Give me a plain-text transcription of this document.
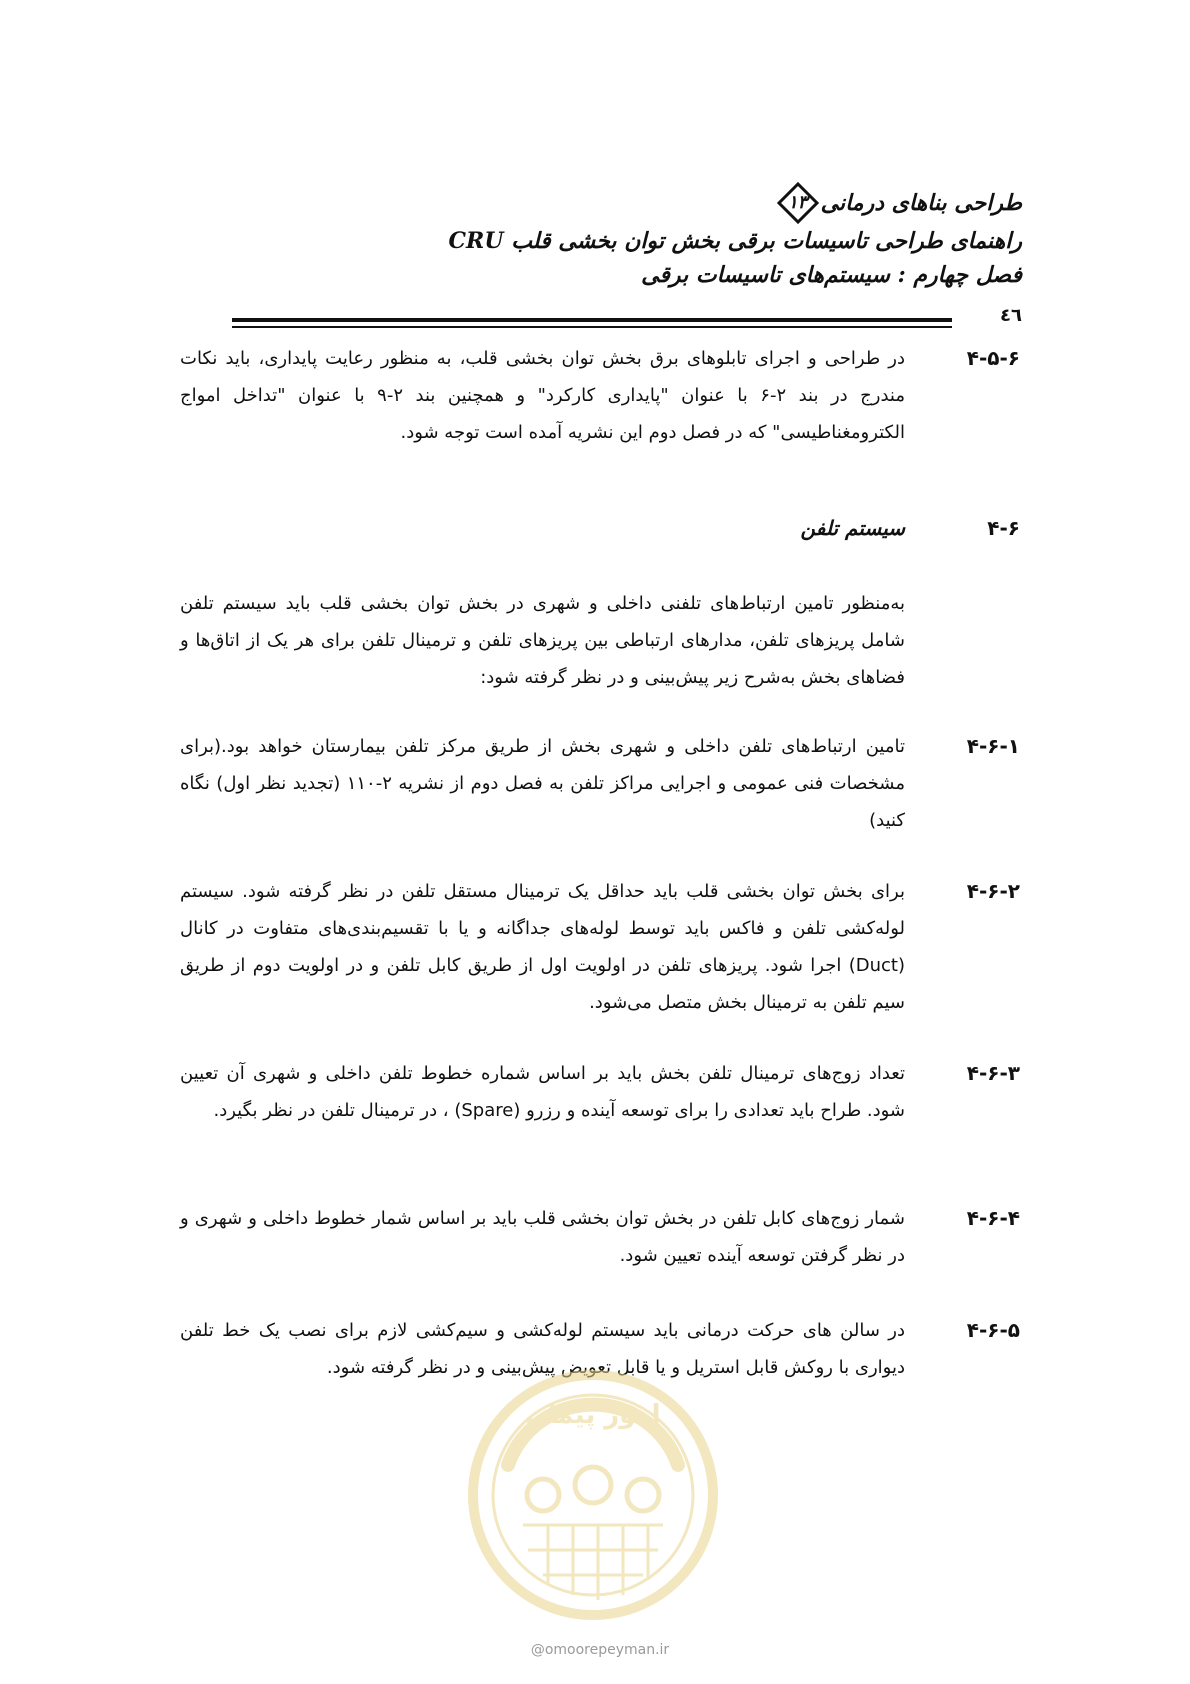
طراحی بناهای درمانی
۱۳
راهنمای طراحی تاسیسات برقی بخش توان بخشی قلب CRU
فصل چهارم : سیستم‌های تاسیسات برقی
٤٦
۴-۵-۶
در طراحی و اجرای تابلوهای برق بخش توان بخشی قلب، به منظور رعایت پایداری، باید نکات مندرج در بند ۲-۶ با عنوان "پایداری کارکرد" و همچنین بند ۲-۹ با عنوان "تداخل امواج الکترومغناطیسی" که در فصل دوم این نشریه آمده است توجه شود.
۴-۶
سیستم تلفن
به‌منظور تامین ارتباط‌های تلفنی داخلی و شهری در بخش توان بخشی قلب باید سیستم تلفن شامل پریزهای تلفن، مدارهای ارتباطی بین پریزهای تلفن و ترمینال تلفن برای هر یک از اتاق‌ها و فضاهای بخش به‌شرح زیر پیش‌بینی و در نظر گرفته شود:
۴-۶-۱
تامین ارتباط‌های تلفن داخلی و شهری بخش از طریق مرکز تلفن بیمارستان خواهد بود.(برای مشخصات فنی عمومی و اجرایی مراکز تلفن به فصل دوم از نشریه ۲-۱۱۰ (تجدید نظر اول) نگاه کنید)
۴-۶-۲
برای بخش توان بخشی قلب باید حداقل یک ترمینال مستقل تلفن در نظر گرفته شود. سیستم لوله‌کشی تلفن و فاکس باید توسط لوله‌های جداگانه و یا با تقسیم‌بندی‌های متفاوت در کانال (Duct) اجرا شود. پریزهای تلفن در اولویت اول از طریق کابل تلفن و در اولویت دوم از طریق سیم تلفن به ترمینال بخش متصل می‌شود.
۴-۶-۳
تعداد زوج‌های ترمینال تلفن بخش باید بر اساس شماره خطوط تلفن داخلی و شهری آن تعیین شود. طراح باید تعدادی را برای توسعه آینده و رزرو (Spare) ، در ترمینال تلفن در نظر بگیرد.
۴-۶-۴
شمار زوج‌های کابل تلفن در بخش توان بخشی قلب باید بر اساس شمار خطوط داخلی و شهری و در نظر گرفتن توسعه آینده تعیین شود.
۴-۶-۵
در سالن های حرکت درمانی باید سیستم لوله‌کشی و سیم‌کشی لازم برای نصب یک خط تلفن دیواری با روکش قابل استریل و یا قابل تعویض پیش‌بینی و در نظر گرفته شود.
امور پیمان
@omoorepeyman.ir
